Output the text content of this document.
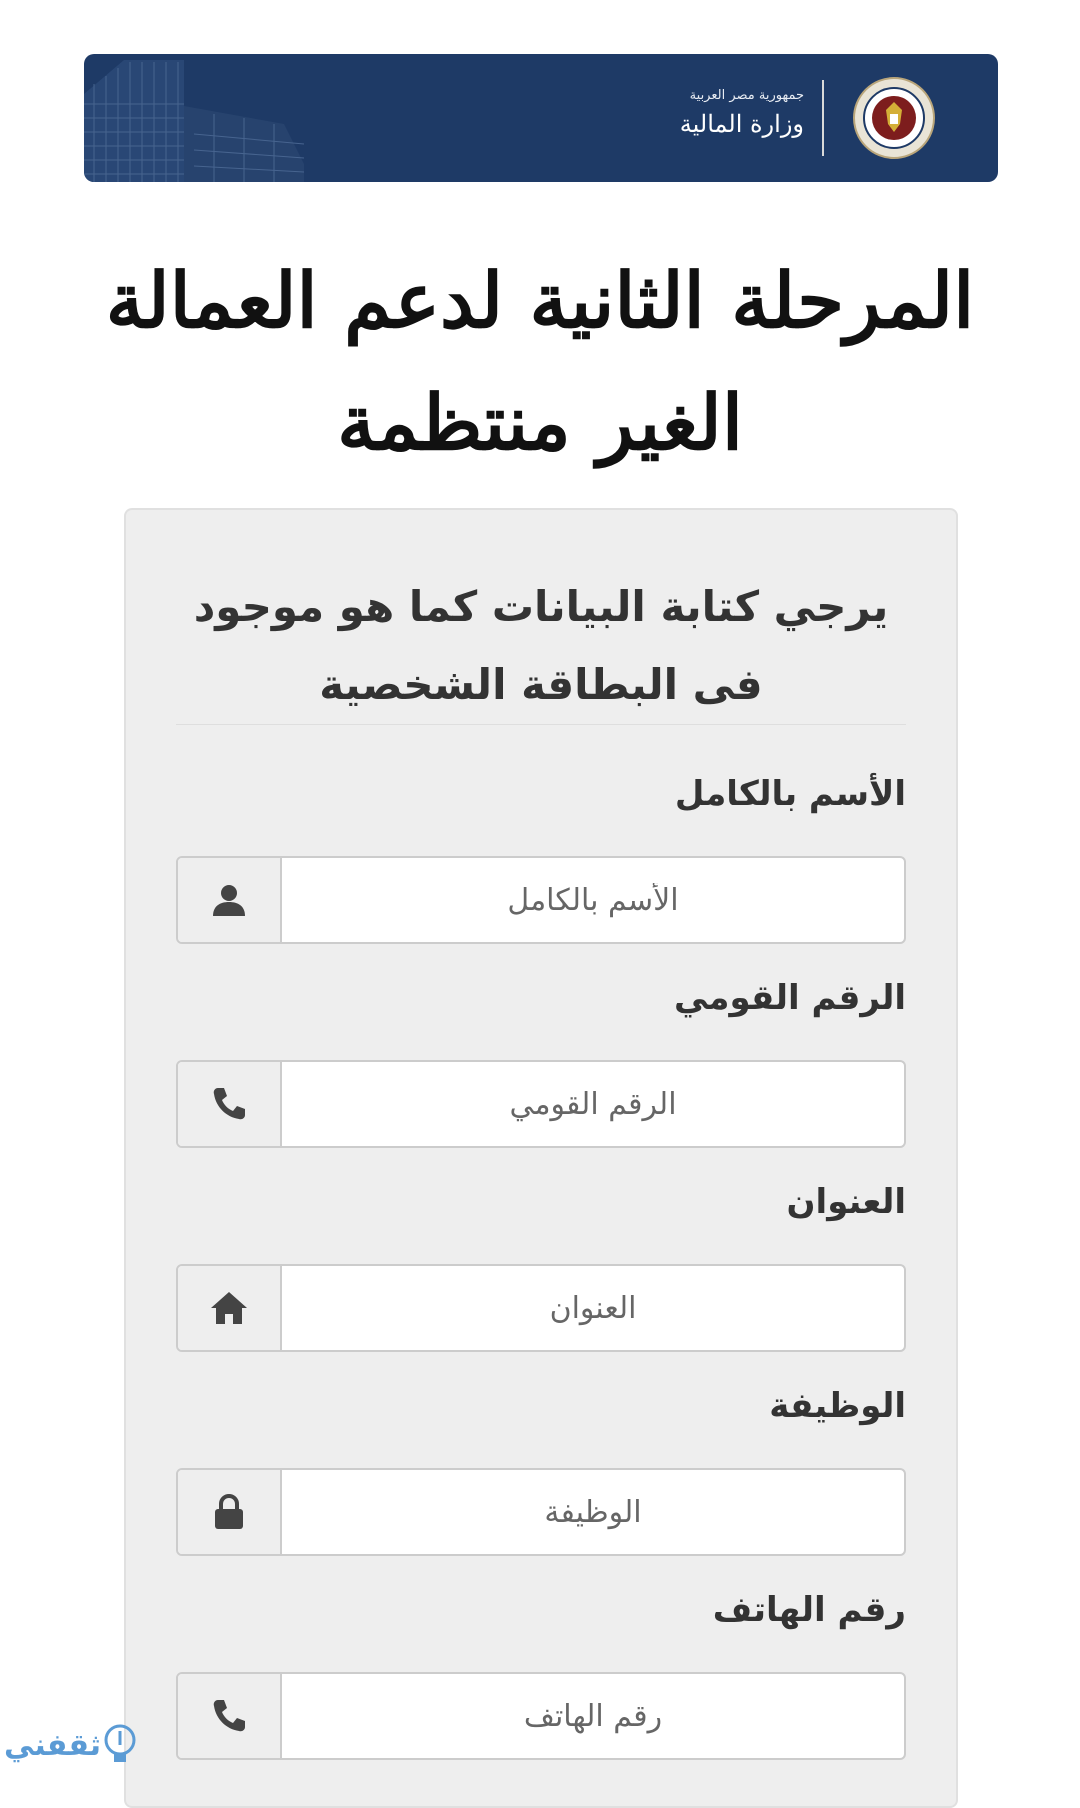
جمهورية مصر العربية
وزارة المالية
المرحلة الثانية لدعم العمالة الغير منتظمة

يرجي كتابة البيانات كما هو موجود فى البطاقة الشخصية

الأسم بالكامل
الأسم بالكامل
الرقم القومي
الرقم القومي
العنوان
العنوان
الوظيفة
الوظيفة
رقم الهاتف
رقم الهاتف
ثقفني
